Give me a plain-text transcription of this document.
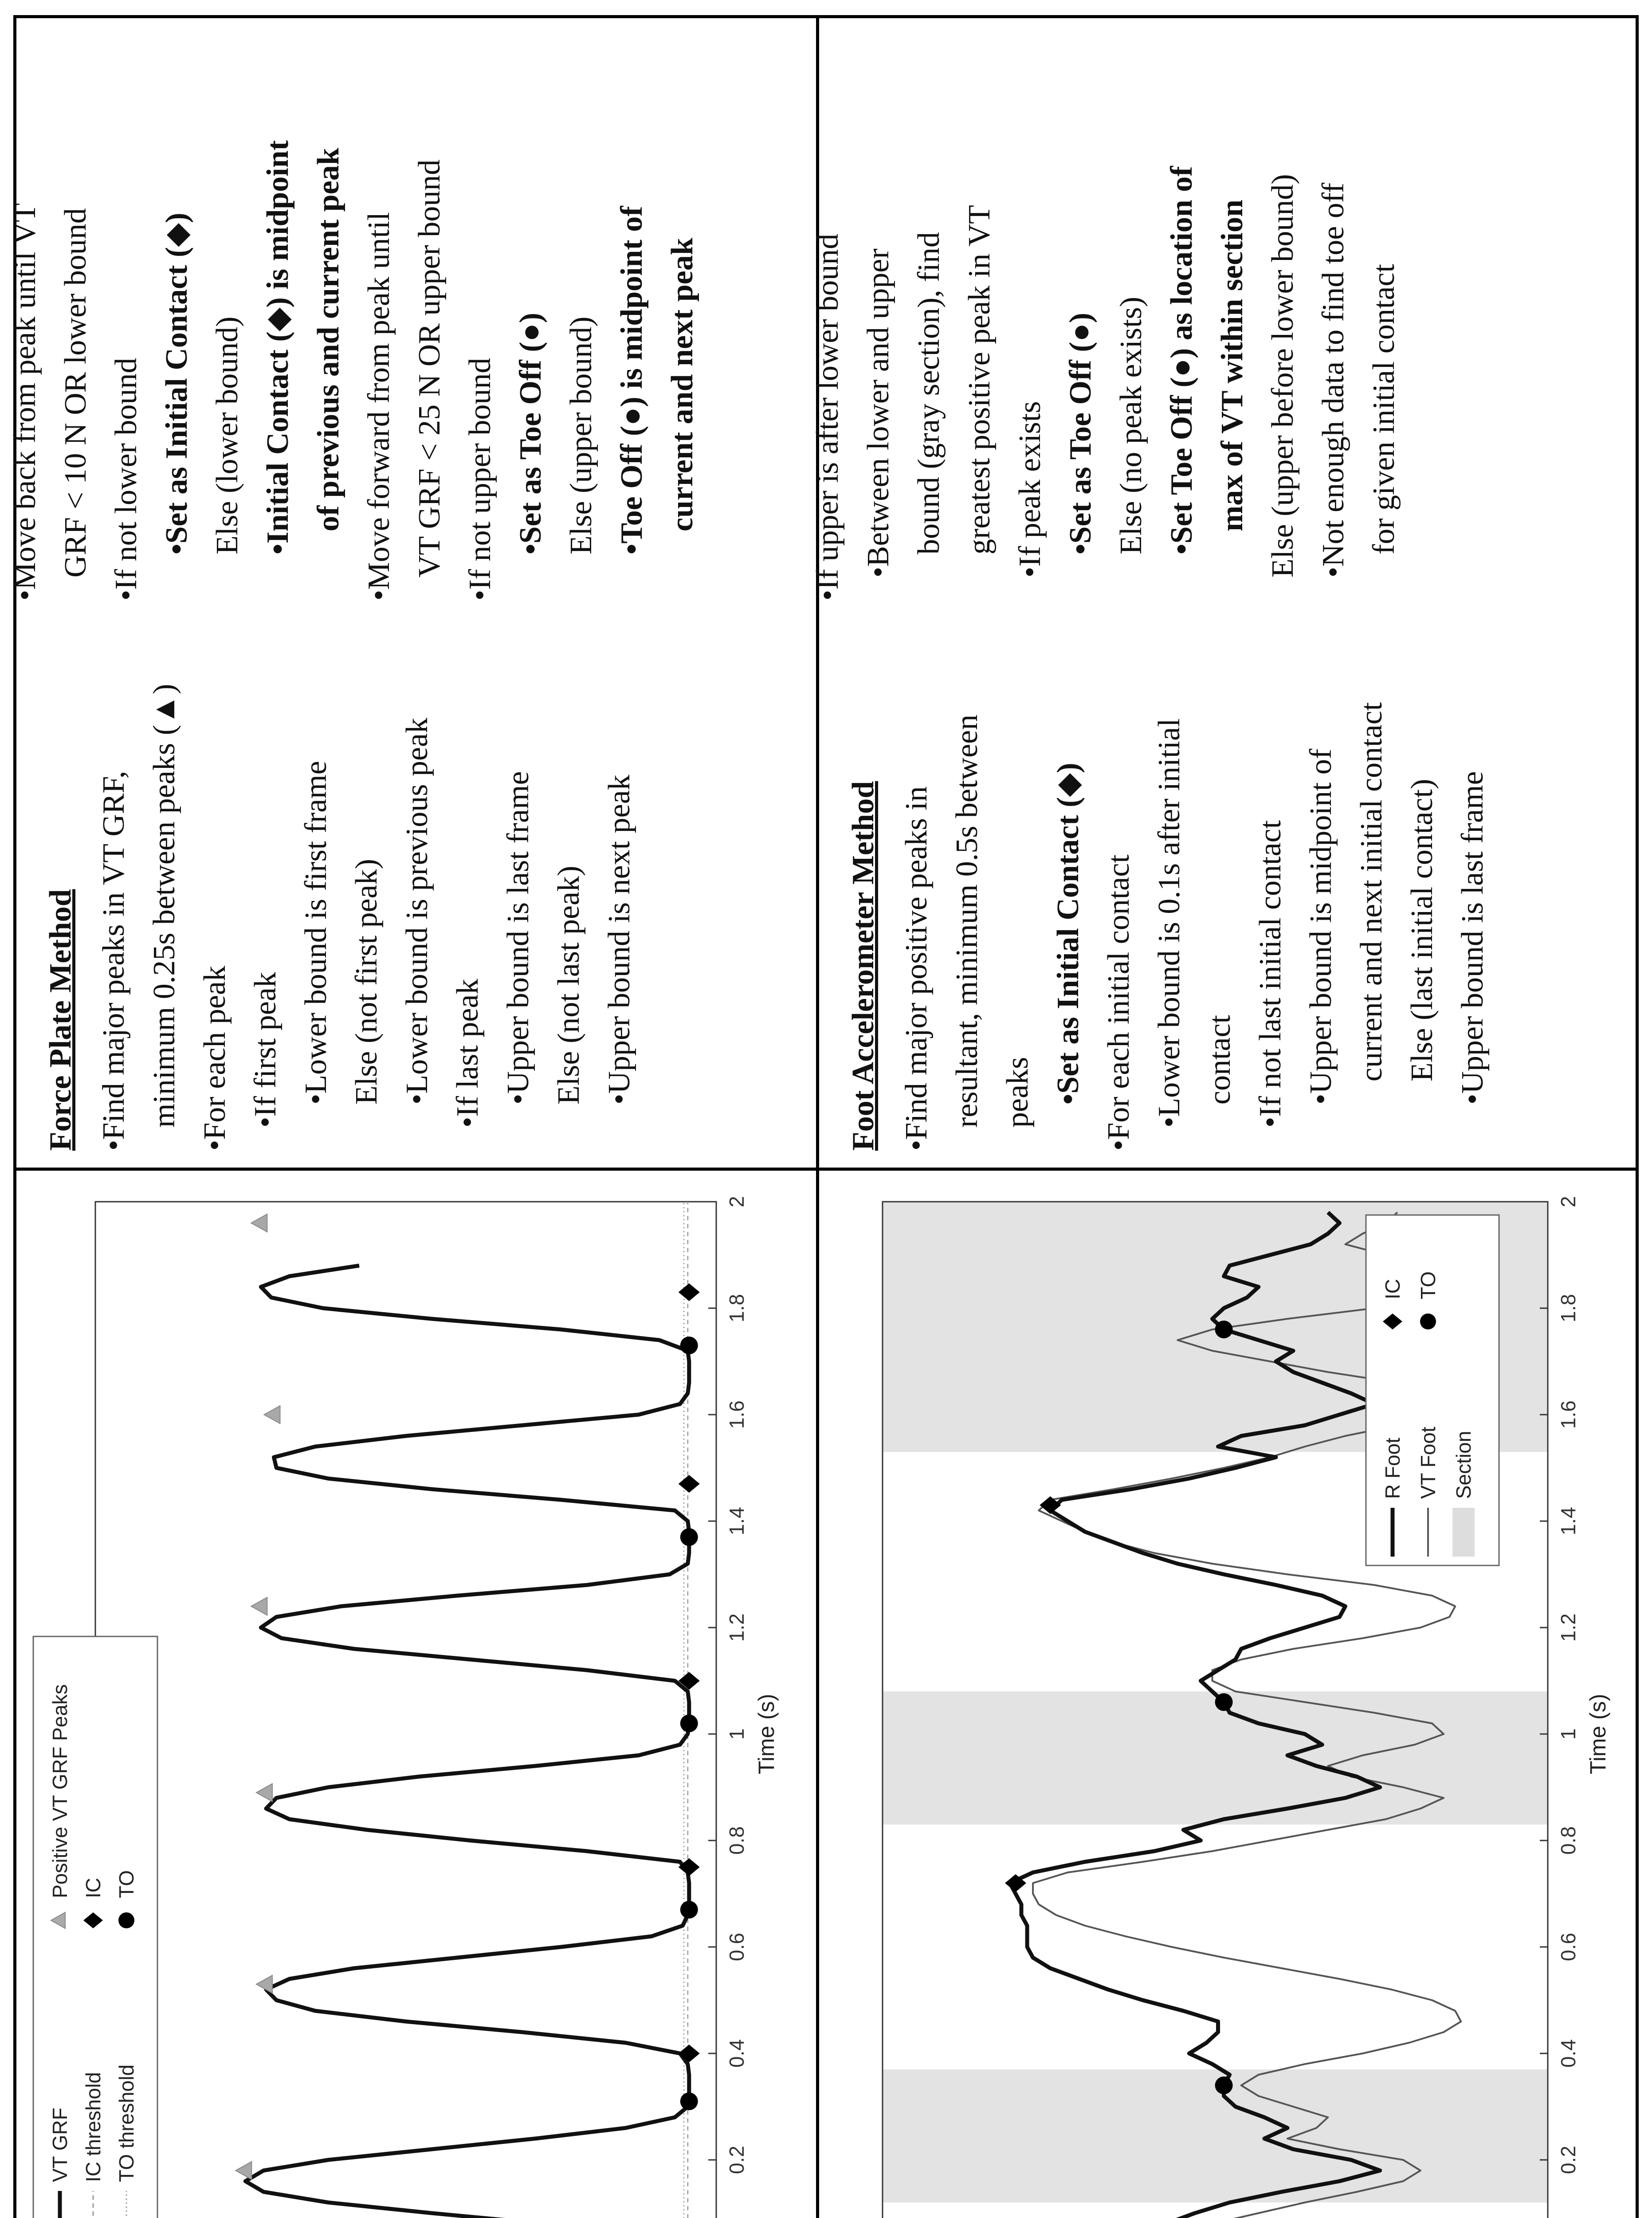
0.2
0.4
0.6
0.8
1
1.2
1.4
1.6
1.8
2
Time (s)
VT GRF IC threshold TO threshold
Positive VT GRF Peaks IC TO
0.2
0.4
0.6
0.8
1
1.2
1.4
1.6
1.8
2
Time (s)
R Foot VT Foot Section
IC TO
Force Plate Method •Find major peaks in VT GRF, minimum 0.25s between peaks (▲) •For each peak •If first peak •Lower bound is first frame Else (not first peak) •Lower bound is previous peak •If last peak •Upper bound is last frame Else (not last peak) •Upper bound is next peak
•Move back from peak until VT GRF < 10 N OR lower bound •If not lower bound •Set as Initial Contact (◆) Else (lower bound) •Initial Contact (◆) is midpoint of previous and current peak •Move forward from peak until VT GRF < 25 N OR upper bound •If not upper bound •Set as Toe Off (●) Else (upper bound) •Toe Off (●) is midpoint of current and next peak
Foot Accelerometer Method •Find major positive peaks in resultant, minimum 0.5s between peaks •Set as Initial Contact (◆) •For each initial contact •Lower bound is 0.1s after initial contact •If not last initial contact •Upper bound is midpoint of current and next initial contact Else (last initial contact) •Upper bound is last frame
•If upper is after lower bound •Between lower and upper bound (gray section), find greatest positive peak in VT •If peak exists •Set as Toe Off (●) Else (no peak exists) •Set Toe Off (●) as location of max of VT within section Else (upper before lower bound) •Not enough data to find toe off for given initial contact
